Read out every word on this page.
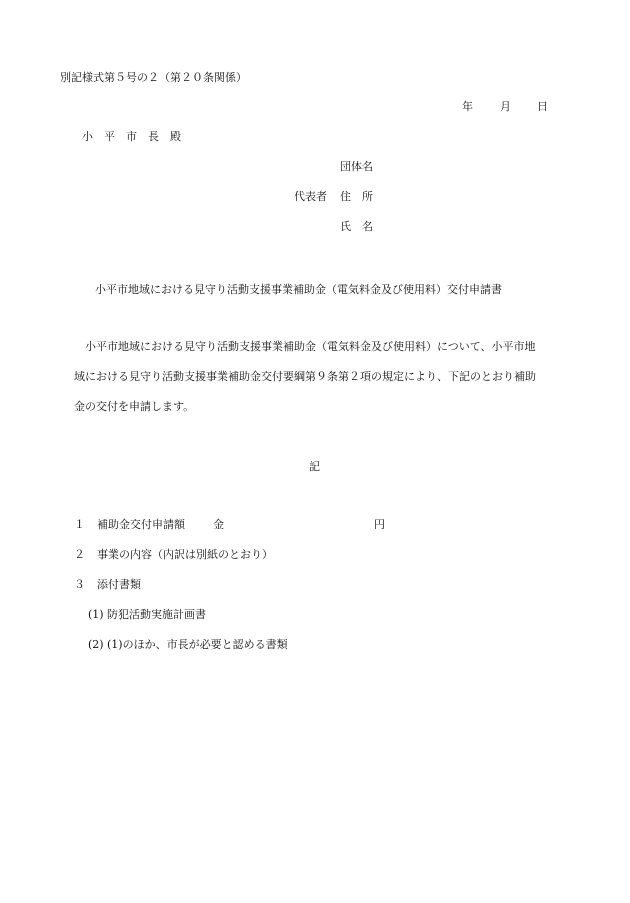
別記様式第５号の２（第２０条関係）
年 月 日
小　平　市　長　殿
団体名
代表者 住　所
氏　名
小平市地域における見守り活動支援事業補助金（電気料金及び使用料）交付申請書

小平市地域における見守り活動支援事業補助金（電気料金及び使用料）について、小平市地

域における見守り活動支援事業補助金交付要綱第９条第２項の規定により、下記のとおり補助

金の交付を申請します。

記
１ 補助金交付申請額	金	円
２ 事業の内容（内訳は別紙のとおり）
３ 添付書類
(1) 防犯活動実施計画書
(2) (1)のほか、市長が必要と認める書類
